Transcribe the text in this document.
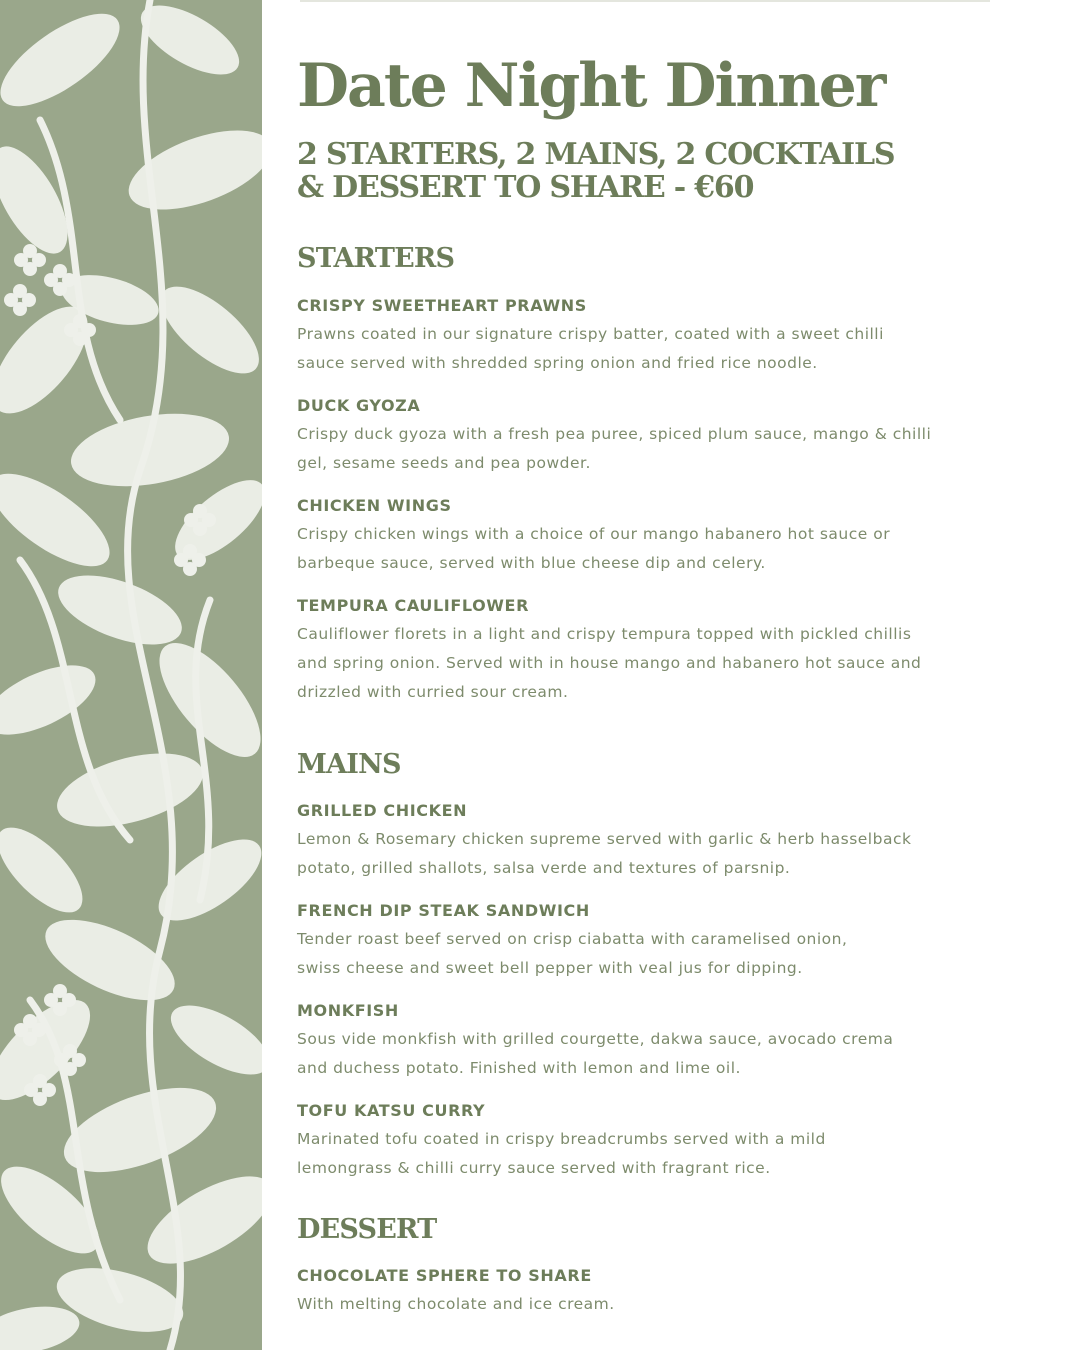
Date Night Dinner
2 STARTERS, 2 MAINS, 2 COCKTAILS
& DESSERT TO SHARE - €60
STARTERS
CRISPY SWEETHEART PRAWNS
Prawns coated in our signature crispy batter, coated with a sweet chilli
sauce served with shredded spring onion and fried rice noodle.
DUCK GYOZA
Crispy duck gyoza with a fresh pea puree, spiced plum sauce, mango & chilli
gel, sesame seeds and pea powder.
CHICKEN WINGS
Crispy chicken wings with a choice of our mango habanero hot sauce or
barbeque sauce, served with blue cheese dip and celery.
TEMPURA CAULIFLOWER
Cauliflower florets in a light and crispy tempura topped with pickled chillis
and spring onion. Served with in house mango and habanero hot sauce and
drizzled with curried sour cream.
MAINS
GRILLED CHICKEN
Lemon & Rosemary chicken supreme served with garlic & herb hasselback
potato, grilled shallots, salsa verde and textures of parsnip.
FRENCH DIP STEAK SANDWICH
Tender roast beef served on crisp ciabatta with caramelised onion,
swiss cheese and sweet bell pepper with veal jus for dipping.
MONKFISH
Sous vide monkfish with grilled courgette, dakwa sauce, avocado crema
and duchess potato. Finished with lemon and lime oil.
TOFU KATSU CURRY
Marinated tofu coated in crispy breadcrumbs served with a mild
lemongrass & chilli curry sauce served with fragrant rice.
DESSERT
CHOCOLATE SPHERE TO SHARE
With melting chocolate and ice cream.
